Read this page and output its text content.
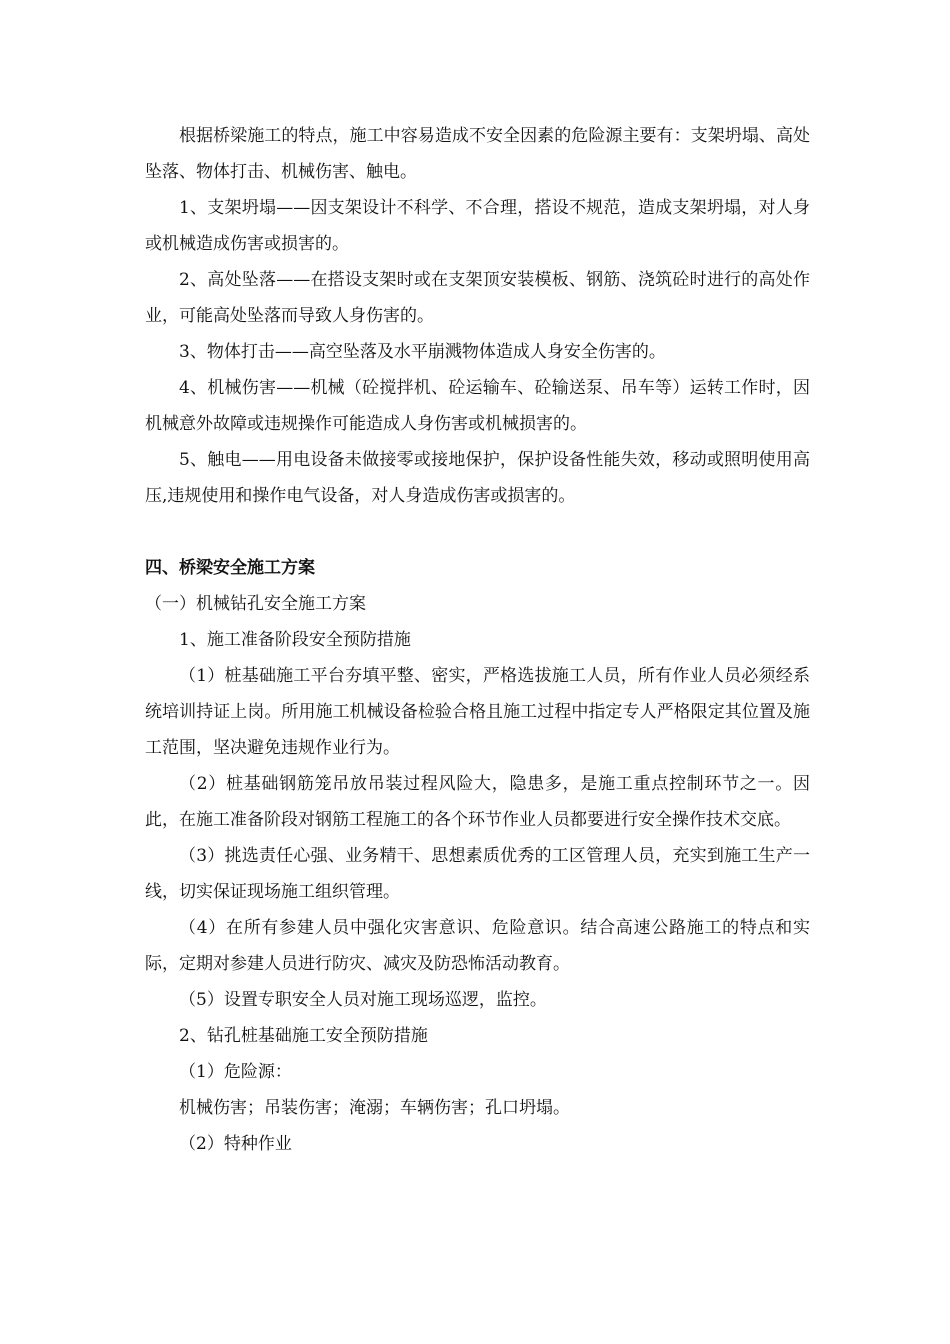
根据桥梁施工的特点，施工中容易造成不安全因素的危险源主要有：支架坍塌、高处坠落、物体打击、机械伤害、触电。

1、支架坍塌——因支架设计不科学、不合理，搭设不规范，造成支架坍塌，对人身或机械造成伤害或损害的。

2、高处坠落——在搭设支架时或在支架顶安装模板、钢筋、浇筑砼时进行的高处作业，可能高处坠落而导致人身伤害的。

3、物体打击——高空坠落及水平崩溅物体造成人身安全伤害的。

4、机械伤害——机械（砼搅拌机、砼运输车、砼输送泵、吊车等）运转工作时，因机械意外故障或违规操作可能造成人身伤害或机械损害的。

5、触电——用电设备未做接零或接地保护，保护设备性能失效，移动或照明使用高压,违规使用和操作电气设备，对人身造成伤害或损害的。

四、桥梁安全施工方案

（一）机械钻孔安全施工方案

1、施工准备阶段安全预防措施

（1）桩基础施工平台夯填平整、密实，严格选拔施工人员，所有作业人员必须经系统培训持证上岗。所用施工机械设备检验合格且施工过程中指定专人严格限定其位置及施工范围，坚决避免违规作业行为。

（2）桩基础钢筋笼吊放吊装过程风险大，隐患多，是施工重点控制环节之一。因此，在施工准备阶段对钢筋工程施工的各个环节作业人员都要进行安全操作技术交底。

（3）挑选责任心强、业务精干、思想素质优秀的工区管理人员，充实到施工生产一线，切实保证现场施工组织管理。

（4）在所有参建人员中强化灾害意识、危险意识。结合高速公路施工的特点和实际，定期对参建人员进行防灾、减灾及防恐怖活动教育。

（5）设置专职安全人员对施工现场巡逻，监控。

2、钻孔桩基础施工安全预防措施

（1）危险源：

机械伤害；吊装伤害；淹溺；车辆伤害；孔口坍塌。

（2）特种作业
